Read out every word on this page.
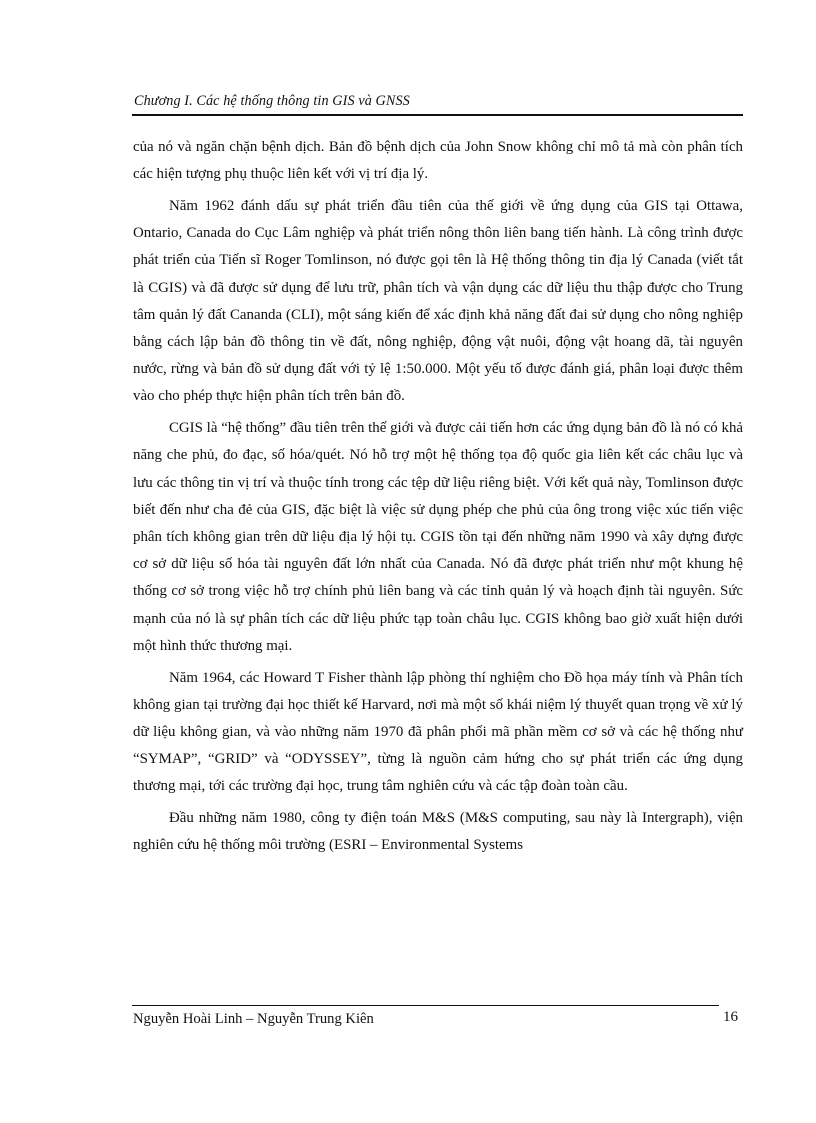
Chương I. Các hệ thống thông tin GIS và GNSS

của nó và ngăn chặn bệnh dịch. Bản đồ bệnh dịch của John Snow không chỉ mô tả mà còn phân tích các hiện tượng phụ thuộc liên kết với vị trí địa lý.

Năm 1962 đánh dấu sự phát triển đầu tiên của thế giới về ứng dụng của GIS tại Ottawa, Ontario, Canada do Cục Lâm nghiệp và phát triển nông thôn liên bang tiến hành. Là công trình được phát triển của Tiến sĩ Roger Tomlinson, nó được gọi tên là Hệ thống thông tin địa lý Canada (viết tắt là CGIS) và đã được sử dụng để lưu trữ, phân tích và vận dụng các dữ liệu thu thập được cho Trung tâm quản lý đất Cananda (CLI), một sáng kiến để xác định khả năng đất đai sử dụng cho nông nghiệp bằng cách lập bản đồ thông tin về đất, nông nghiệp, động vật nuôi, động vật hoang dã, tài nguyên nước, rừng và bản đồ sử dụng đất với tỷ lệ 1:50.000. Một yếu tố được đánh giá, phân loại được thêm vào cho phép thực hiện phân tích trên bản đồ.

CGIS là “hệ thống” đầu tiên trên thế giới và được cải tiến hơn các ứng dụng bản đồ là nó có khả năng che phủ, đo đạc, số hóa/quét. Nó hỗ trợ một hệ thống tọa độ quốc gia liên kết các châu lục và lưu các thông tin vị trí và thuộc tính trong các tệp dữ liệu riêng biệt. Với kết quả này, Tomlinson được biết đến như cha đẻ của GIS, đặc biệt là việc sử dụng phép che phủ của ông trong việc xúc tiến việc phân tích không gian trên dữ liệu địa lý hội tụ. CGIS tồn tại đến những năm 1990 và xây dựng được cơ sở dữ liệu số hóa tài nguyên đất lớn nhất của Canada. Nó đã được phát triển như một khung hệ thống cơ sở trong việc hỗ trợ chính phủ liên bang và các tỉnh quản lý và hoạch định tài nguyên. Sức mạnh của nó là sự phân tích các dữ liệu phức tạp toàn châu lục. CGIS không bao giờ xuất hiện dưới một hình thức thương mại.

Năm 1964, các Howard T Fisher thành lập phòng thí nghiệm cho Đồ họa máy tính và Phân tích không gian tại trường đại học thiết kế Harvard, nơi mà một số khái niệm lý thuyết quan trọng về xử lý dữ liệu không gian, và vào những năm 1970 đã phân phối mã phần mềm cơ sở và các hệ thống như “SYMAP”, “GRID” và “ODYSSEY”, từng là nguồn cảm hứng cho sự phát triển các ứng dụng thương mại, tới các trường đại học, trung tâm nghiên cứu và các tập đoàn toàn cầu.

Đầu những năm 1980, công ty điện toán M&S (M&S computing, sau này là Intergraph), viện nghiên cứu hệ thống môi trường (ESRI – Environmental Systems

Nguyễn Hoài Linh – Nguyễn Trung Kiên	16
